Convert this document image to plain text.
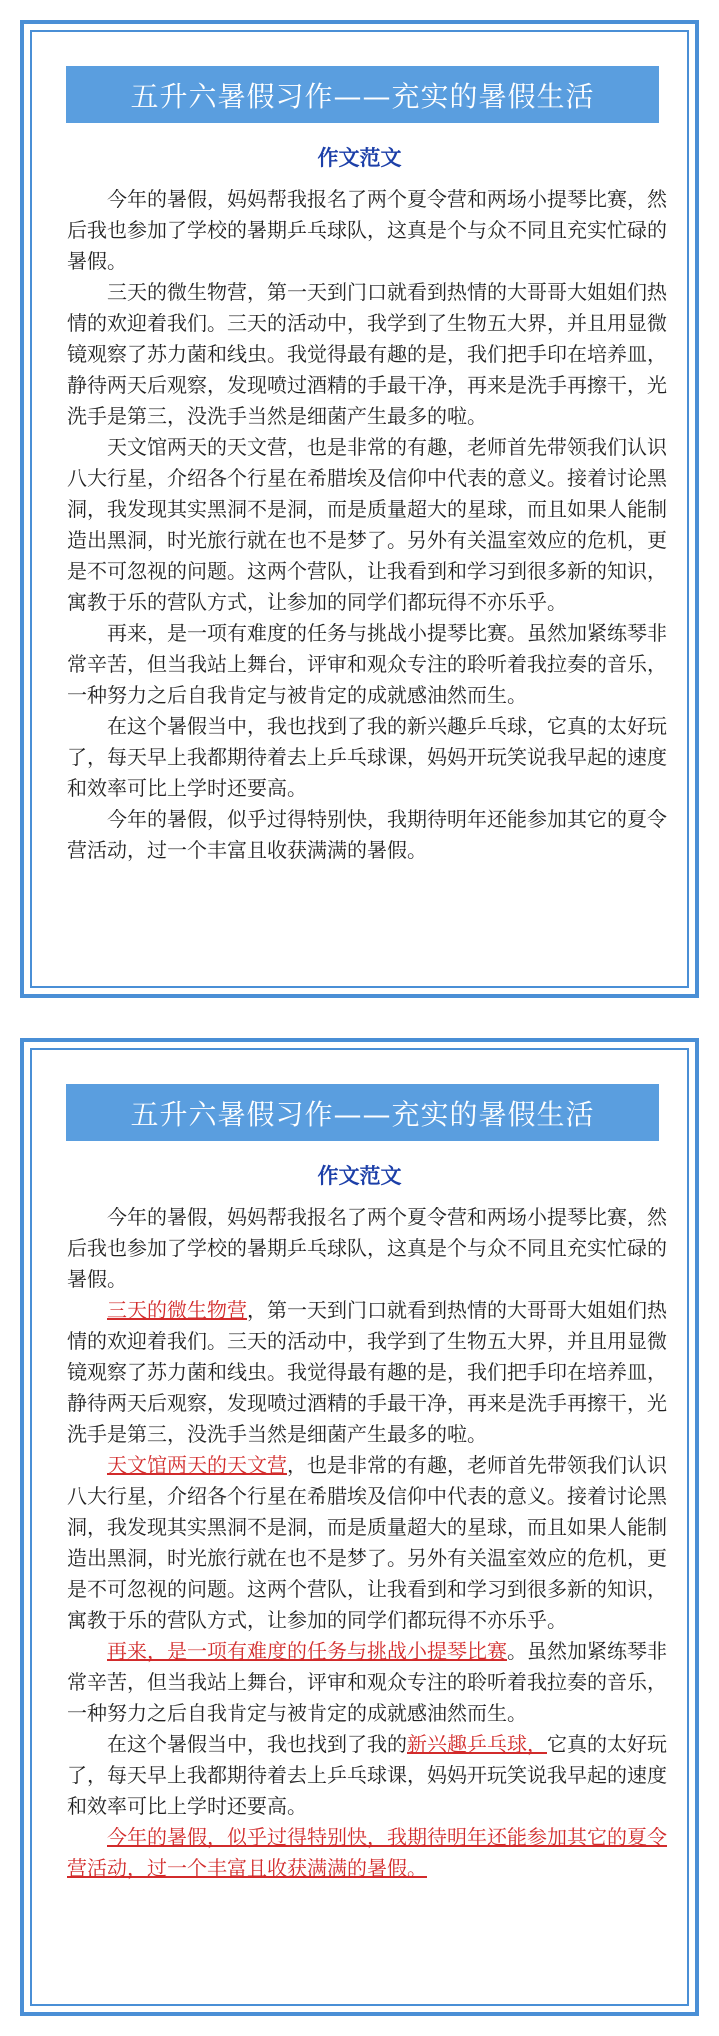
五升六暑假习作——充实的暑假生活
作文范文

今年的暑假，妈妈帮我报名了两个夏令营和两场小提琴比赛，然后我也参加了学校的暑期乒乓球队，这真是个与众不同且充实忙碌的暑假。

三天的微生物营，第一天到门口就看到热情的大哥哥大姐姐们热情的欢迎着我们。三天的活动中，我学到了生物五大界，并且用显微镜观察了苏力菌和线虫。我觉得最有趣的是，我们把手印在培养皿，静待两天后观察，发现喷过酒精的手最干净，再来是洗手再擦干，光洗手是第三，没洗手当然是细菌产生最多的啦。

天文馆两天的天文营，也是非常的有趣，老师首先带领我们认识八大行星，介绍各个行星在希腊埃及信仰中代表的意义。接着讨论黑洞，我发现其实黑洞不是洞，而是质量超大的星球，而且如果人能制造出黑洞，时光旅行就在也不是梦了。另外有关温室效应的危机，更是不可忽视的问题。这两个营队，让我看到和学习到很多新的知识，寓教于乐的营队方式，让参加的同学们都玩得不亦乐乎。

再来，是一项有难度的任务与挑战小提琴比赛。虽然加紧练琴非常辛苦，但当我站上舞台，评审和观众专注的聆听着我拉奏的音乐，一种努力之后自我肯定与被肯定的成就感油然而生。

在这个暑假当中，我也找到了我的新兴趣乒乓球，它真的太好玩了，每天早上我都期待着去上乒乓球课，妈妈开玩笑说我早起的速度和效率可比上学时还要高。

今年的暑假，似乎过得特别快，我期待明年还能参加其它的夏令营活动，过一个丰富且收获满满的暑假。

五升六暑假习作——充实的暑假生活
作文范文

今年的暑假，妈妈帮我报名了两个夏令营和两场小提琴比赛，然后我也参加了学校的暑期乒乓球队，这真是个与众不同且充实忙碌的暑假。

三天的微生物营，第一天到门口就看到热情的大哥哥大姐姐们热情的欢迎着我们。三天的活动中，我学到了生物五大界，并且用显微镜观察了苏力菌和线虫。我觉得最有趣的是，我们把手印在培养皿，静待两天后观察，发现喷过酒精的手最干净，再来是洗手再擦干，光洗手是第三，没洗手当然是细菌产生最多的啦。

天文馆两天的天文营，也是非常的有趣，老师首先带领我们认识八大行星，介绍各个行星在希腊埃及信仰中代表的意义。接着讨论黑洞，我发现其实黑洞不是洞，而是质量超大的星球，而且如果人能制造出黑洞，时光旅行就在也不是梦了。另外有关温室效应的危机，更是不可忽视的问题。这两个营队，让我看到和学习到很多新的知识，寓教于乐的营队方式，让参加的同学们都玩得不亦乐乎。

再来，是一项有难度的任务与挑战小提琴比赛。虽然加紧练琴非常辛苦，但当我站上舞台，评审和观众专注的聆听着我拉奏的音乐，一种努力之后自我肯定与被肯定的成就感油然而生。

在这个暑假当中，我也找到了我的新兴趣乒乓球，它真的太好玩了，每天早上我都期待着去上乒乓球课，妈妈开玩笑说我早起的速度和效率可比上学时还要高。

今年的暑假，似乎过得特别快，我期待明年还能参加其它的夏令营活动，过一个丰富且收获满满的暑假。
